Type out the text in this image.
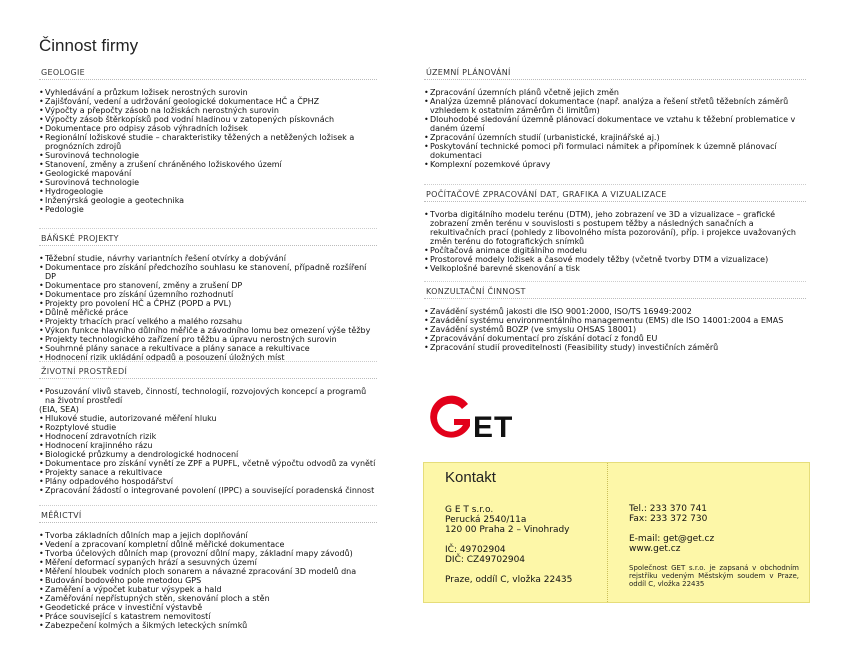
Činnost firmy
GEOLOGIE
• Vyhledávání a průzkum ložisek nerostných surovin
• Zajišťování, vedení a udržování geologické dokumentace HČ a ČPHZ
• Výpočty a přepočty zásob na ložiskách nerostných surovin
• Výpočty zásob štěrkopísků pod vodní hladinou v zatopených pískovnách
• Dokumentace pro odpisy zásob výhradních ložisek
• Regionální ložiskové studie – charakteristiky těžených a netěžených ložisek a prognózních zdrojů
• Surovinová technologie
• Stanovení, změny a zrušení chráněného ložiskového území
• Geologické mapování
• Surovinová technologie
• Hydrogeologie
• Inženýrská geologie a geotechnika
• Pedologie
BÁŇSKÉ PROJEKTY
• Těžební studie, návrhy variantních řešení otvírky a dobývání
• Dokumentace pro získání předchozího souhlasu ke stanovení, případně rozšíření DP
• Dokumentace pro stanovení, změny a zrušení DP
• Dokumentace pro získání územního rozhodnutí
• Projekty pro povolení HČ a ČPHZ (POPD a PVL)
• Důlně měřické práce
• Projekty trhacích prací velkého a malého rozsahu
• Výkon funkce hlavního důlního měřiče a závodního lomu bez omezení výše těžby
• Projekty technologického zařízení pro těžbu a úpravu nerostných surovin
• Souhrnné plány sanace a rekultivace a plány sanace a rekultivace
• Hodnocení rizik ukládání odpadů a posouzení úložných míst
ŽIVOTNÍ PROSTŘEDÍ
• Posuzování vlivů staveb, činností, technologií, rozvojových koncepcí a programů na životní prostředí
(EIA, SEA)
• Hlukové studie, autorizované měření hluku
• Rozptylové studie
• Hodnocení zdravotních rizik
• Hodnocení krajinného rázu
• Biologické průzkumy a dendrologické hodnocení
• Dokumentace pro získání vynětí ze ZPF a PUPFL, včetně výpočtu odvodů za vynětí
• Projekty sanace a rekultivace
• Plány odpadového hospodářství
• Zpracování žádostí o integrované povolení (IPPC) a související poradenská činnost
MĚŘICTVÍ
• Tvorba základních důlních map a jejich doplňování
• Vedení a zpracovaní kompletní důlně měřické dokumentace
• Tvorba účelových důlních map (provozní důlní mapy, základní mapy závodů)
• Měření deformací sypaných hrází a sesuvných území
• Měření hloubek vodních ploch sonarem a návazné zpracování 3D modelů dna
• Budování bodového pole metodou GPS
• Zaměření a výpočet kubatur výsypek a hald
• Zaměřování nepřístupných stěn, skenování ploch a stěn
• Geodetické práce v investiční výstavbě
• Práce související s katastrem nemovitostí
• Zabezpečení kolmých a šikmých leteckých snímků
ÚZEMNÍ PLÁNOVÁNÍ
• Zpracování územních plánů včetně jejich změn
• Analýza územně plánovací dokumentace (např. analýza a řešení střetů těžebních záměrů vzhledem k ostatním záměrům či limitům)
• Dlouhodobé sledování územně plánovací dokumentace ve vztahu k těžební problematice v daném území
• Zpracování územních studií (urbanistické, krajinářské aj.)
• Poskytování technické pomoci při formulaci námitek a připomínek k územně plánovací dokumentaci
• Komplexní pozemkové úpravy
POČÍTAČOVÉ ZPRACOVÁNÍ DAT, GRAFIKA A VIZUALIZACE
• Tvorba digitálního modelu terénu (DTM), jeho zobrazení ve 3D a vizualizace – grafické zobrazení změn terénu v souvislosti s postupem těžby a následných sanačních a rekultivačních prací (pohledy z libovolného místa pozorování), příp. i projekce uvažovaných změn terénu do fotografických snímků
• Počítačová animace digitálního modelu
• Prostorové modely ložisek a časové modely těžby (včetně tvorby DTM a vizualizace)
• Velkoplošné barevné skenování a tisk
KONZULTAČNÍ ČINNOST
• Zavádění systémů jakosti dle ISO 9001:2000, ISO/TS 16949:2002
• Zavádění systému environmentálního managementu (EMS) dle ISO 14001:2004 a EMAS
• Zavádění systémů BOZP (ve smyslu OHSAS 18001)
• Zpracovávání dokumentací pro získání dotací z fondů EU
• Zpracování studií proveditelnosti (Feasibility study) investičních záměrů
E T
Kontakt
G E T s.r.o.
Perucká 2540/11a
120 00 Praha 2 – Vinohrady
IČ: 49702904
DIČ: CZ49702904
Praze, oddíl C, vložka 22435
Tel.: 233 370 741
Fax: 233 372 730
E-mail: get@get.cz
www.get.cz
Společnost GET s.r.o. je zapsaná v obchodním rejstříku vedeným Městským soudem v Praze, oddíl C, vložka 22435
